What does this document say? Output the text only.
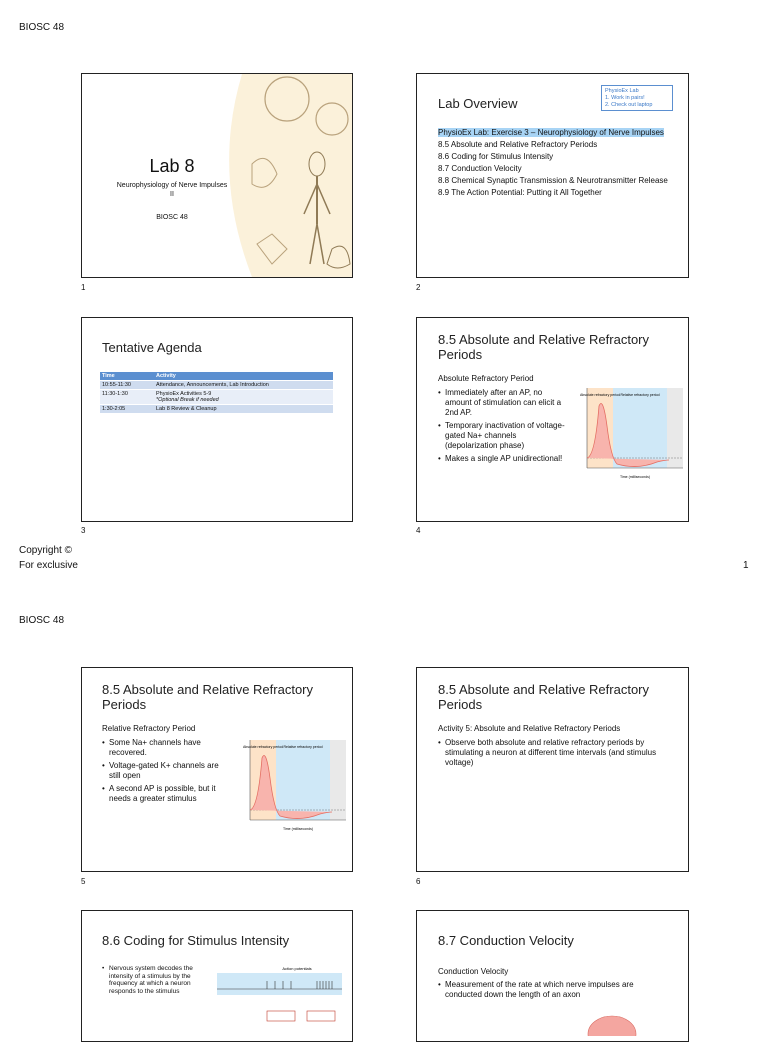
BIOSC 48
Lab 8
Neurophysiology of Nerve Impulses
II
BIOSC 48
1
Lab Overview
PhysioEx Lab
1. Work in pairs!
2. Check out laptop
PhysioEx Lab: Exercise 3 – Neurophysiology of Nerve Impulses
8.5 Absolute and Relative Refractory Periods
8.6 Coding for Stimulus Intensity
8.7 Conduction Velocity
8.8 Chemical Synaptic Transmission & Neurotransmitter Release
8.9 The Action Potential: Putting it All Together
2
Tentative Agenda
Time	Activity
10:55-11:30	Attendance, Announcements, Lab Introduction
11:30-1:30	PhysioEx Activities 5-9
*Optional Break if needed

1:30-2:05	Lab 8 Review & Cleanup
3
8.5 Absolute and Relative Refractory Periods
Absolute Refractory Period
• Immediately after an AP, no amount of stimulation can elicit a 2nd AP.
• Temporary inactivation of voltage-gated Na+ channels (depolarization phase)
• Makes a single AP unidirectional!
Absolute refractory period Relative refractory period
Time (milliseconds)
4
Copyright ©
For exclusive	1
BIOSC 48
8.5 Absolute and Relative Refractory Periods
Relative Refractory Period
• Some Na+ channels have recovered.
• Voltage-gated K+ channels are still open
• A second AP is possible, but it needs a greater stimulus
Absolute refractory period Relative refractory period
Time (milliseconds)
5
8.5 Absolute and Relative Refractory Periods
Activity 5: Absolute and Relative Refractory Periods
• Observe both absolute and relative refractory periods by stimulating a neuron at different time intervals (and stimulus voltage)
6
8.6 Coding for Stimulus Intensity
• Nervous system decodes the intensity of a stimulus by the frequency at which a neuron responds to the stimulus
Action potentials
8.7 Conduction Velocity
Conduction Velocity
• Measurement of the rate at which nerve impulses are conducted down the length of an axon
